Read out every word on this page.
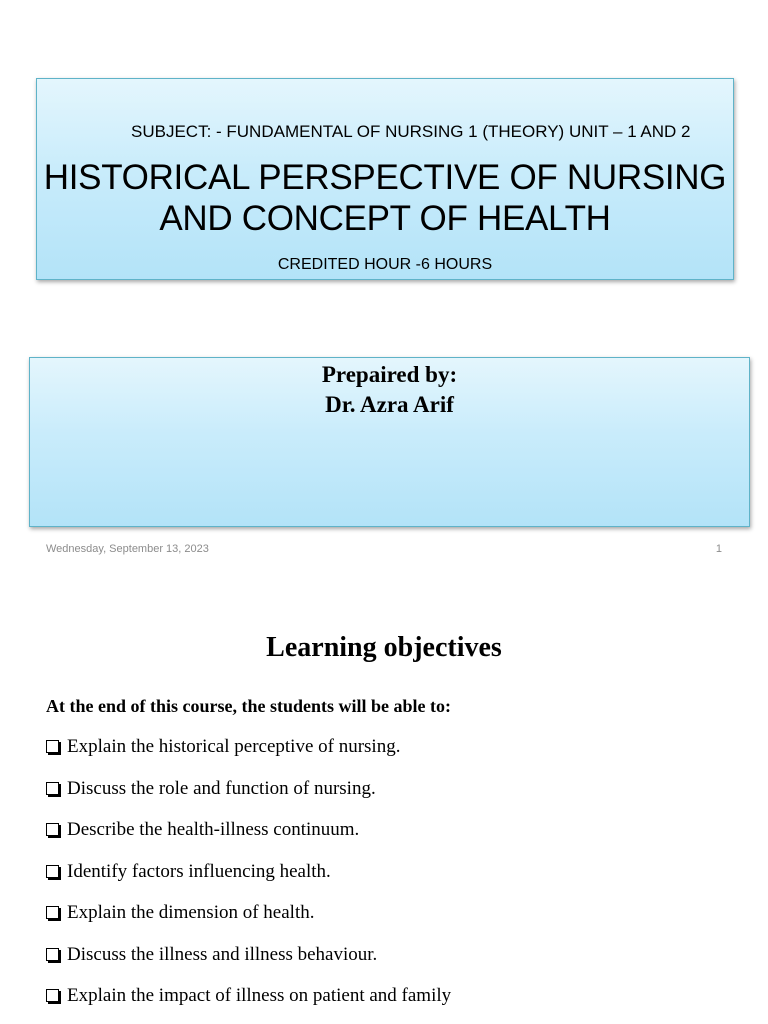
SUBJECT: - FUNDAMENTAL OF NURSING 1 (THEORY) UNIT – 1 AND 2
HISTORICAL PERSPECTIVE OF NURSING
AND CONCEPT OF HEALTH
CREDITED HOUR -6 HOURS
Prepaired by:
Dr. Azra Arif
Wednesday, September 13, 2023	1
Learning objectives
At the end of this course, the students will be able to:
Explain the historical perceptive of nursing.
Discuss the role and function of nursing.
Describe the health-illness continuum.
Identify factors influencing health.
Explain the dimension of health.
Discuss the illness and illness behaviour.
Explain the impact of illness on patient and family
